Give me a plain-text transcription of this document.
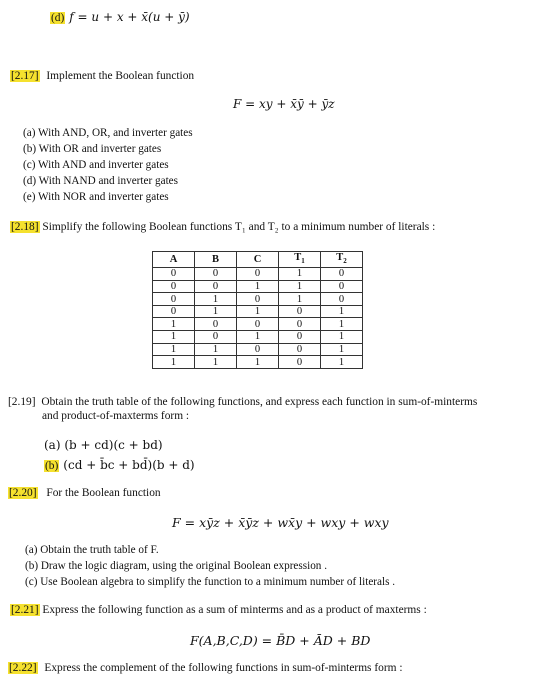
(d) f = u + x + x̄(u + ȳ)
[2.17] Implement the Boolean function
F = xy + x̄ȳ + ȳz
(a) With AND, OR, and inverter gates
(b) With OR and inverter gates
(c) With AND and inverter gates
(d) With NAND and inverter gates
(e) With NOR and inverter gates
[2.18] Simplify the following Boolean functions T₁ and T₂ to a minimum number of literals :
A	B	C	$T_1$	$T_2$
0	0	0	1	0
0	0	1	1	0
0	1	0	1	0
0	1	1	0	1
1	0	0	0	1
1	0	1	0	1
1	1	0	0	1
1	1	1	0	1
[2.19] Obtain the truth table of the following functions, and express each function in sum-of-minterms
and product-of-maxterms form :
(a) (b + cd)(c + bd)
(b) (cd + b̄c + bd̄)(b + d)
[2.20] For the Boolean function
F = xȳz + x̄ȳz + wx̄y + wxy + wxy
(a) Obtain the truth table of F.
(b) Draw the logic diagram, using the original Boolean expression .
(c) Use Boolean algebra to simplify the function to a minimum number of literals .
[2.21] Express the following function as a sum of minterms and as a product of maxterms :
F(A,B,C,D) = B̄D + ĀD + BD
[2.22] Express the complement of the following functions in sum-of-minterms form :
